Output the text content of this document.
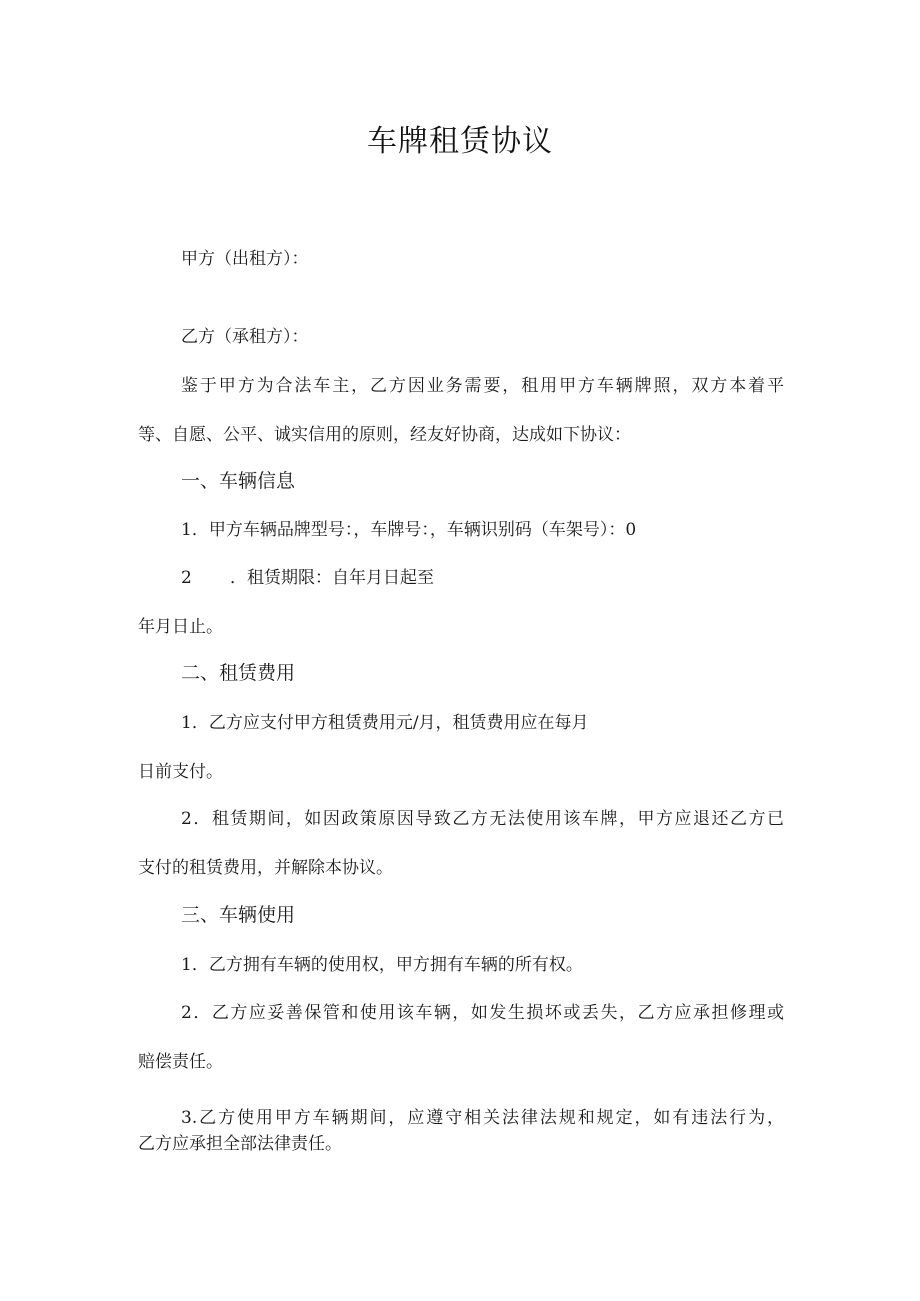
车牌租赁协议
甲方（出租方）：
乙方（承租方）：
鉴于甲方为合法车主，乙方因业务需要，租用甲方车辆牌照，双方本着平
等、自愿、公平、诚实信用的原则，经友好协商，达成如下协议：
一、车辆信息
1．甲方车辆品牌型号：，车牌号：，车辆识别码（车架号）：0
2 ．租赁期限：自年月日起至
年月日止。
二、租赁费用
1．乙方应支付甲方租赁费用元/月，租赁费用应在每月
日前支付。
2．租赁期间，如因政策原因导致乙方无法使用该车牌，甲方应退还乙方已
支付的租赁费用，并解除本协议。
三、车辆使用
1．乙方拥有车辆的使用权，甲方拥有车辆的所有权。
2．乙方应妥善保管和使用该车辆，如发生损坏或丢失，乙方应承担修理或
赔偿责任。
3.乙方使用甲方车辆期间，应遵守相关法律法规和规定，如有违法行为，
乙方应承担全部法律责任。
